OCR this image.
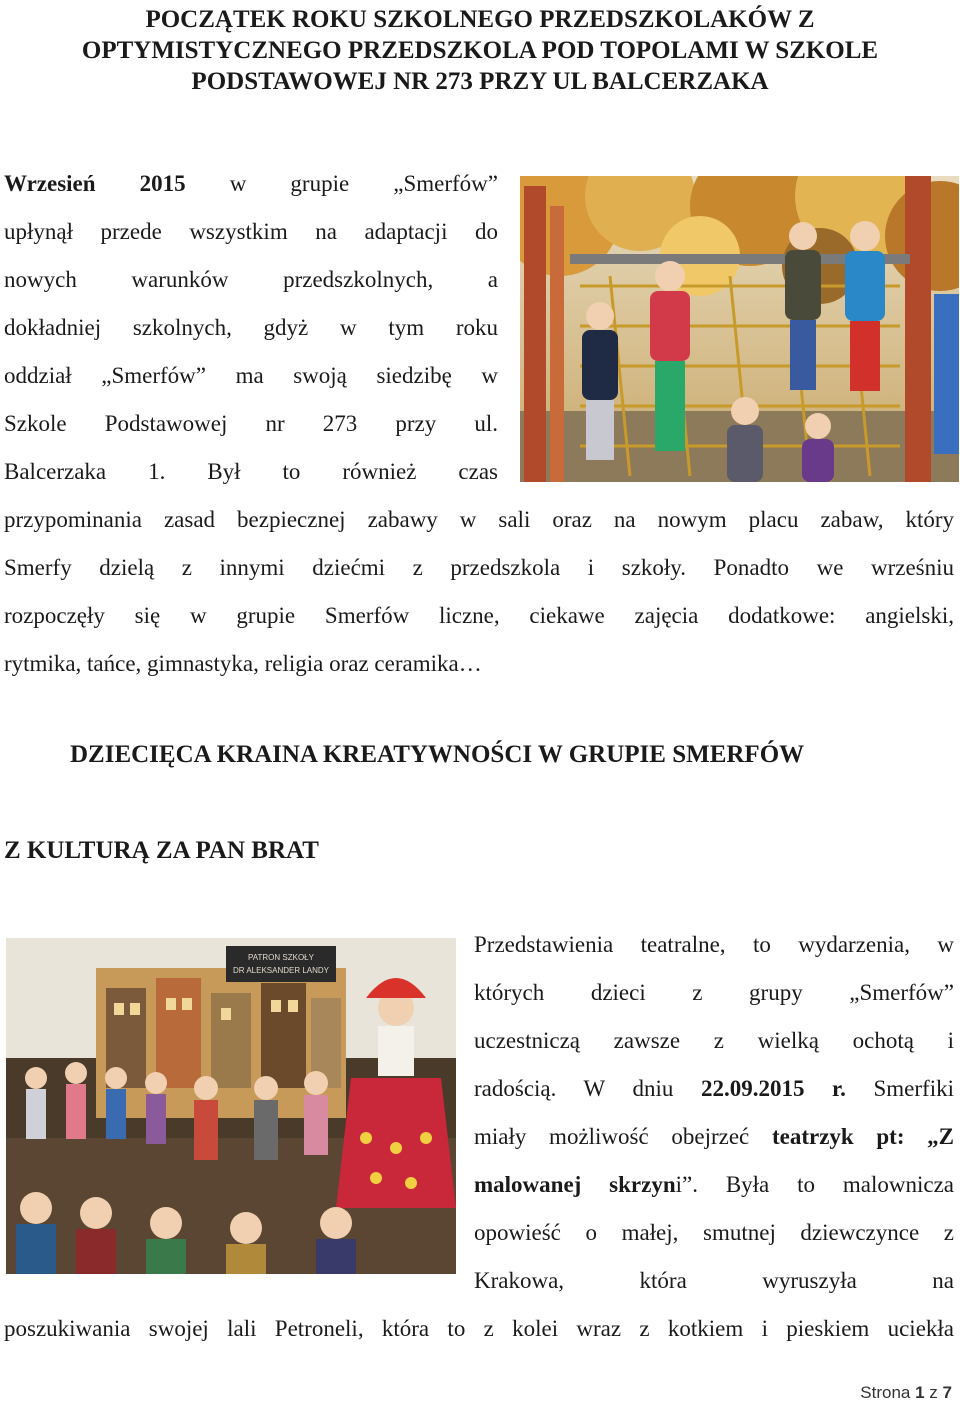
POCZĄTEK ROKU SZKOLNEGO PRZEDSZKOLAKÓW Z
OPTYMISTYCZNEGO PRZEDSZKOLA POD TOPOLAMI W SZKOLE
PODSTAWOWEJ NR 273 PRZY UL BALCERZAKA
Wrzesień 2015 w grupie „Smerfów”
upłynął przede wszystkim na adaptacji do
nowych warunków przedszkolnych, a
dokładniej szkolnych, gdyż w tym roku
oddział „Smerfów” ma swoją siedzibę w
Szkole Podstawowej nr 273 przy ul.
Balcerzaka 1. Był to również czas
przypominania zasad bezpiecznej zabawy w sali oraz na nowym placu zabaw, który
Smerfy dzielą z innymi dziećmi z przedszkola i szkoły. Ponadto we wrześniu
rozpoczęły się w grupie Smerfów liczne, ciekawe zajęcia dodatkowe: angielski,
rytmika, tańce, gimnastyka, religia oraz ceramika…
DZIECIĘCA KRAINA KREATYWNOŚCI W GRUPIE SMERFÓW
Z KULTURĄ ZA PAN BRAT
PATRON SZKOŁY
DR ALEKSANDER LANDY
Przedstawienia teatralne, to wydarzenia, w
których dzieci z grupy „Smerfów”
uczestniczą zawsze z wielką ochotą i
radością. W dniu 22.09.2015 r. Smerfiki
miały możliwość obejrzeć teatrzyk pt: „Z
malowanej skrzyni”. Była to malownicza
opowieść o małej, smutnej dziewczynce z
Krakowa, która wyruszyła na
poszukiwania swojej lali Petroneli, która to z kolei wraz z kotkiem i pieskiem uciekła
Strona 1 z 7
